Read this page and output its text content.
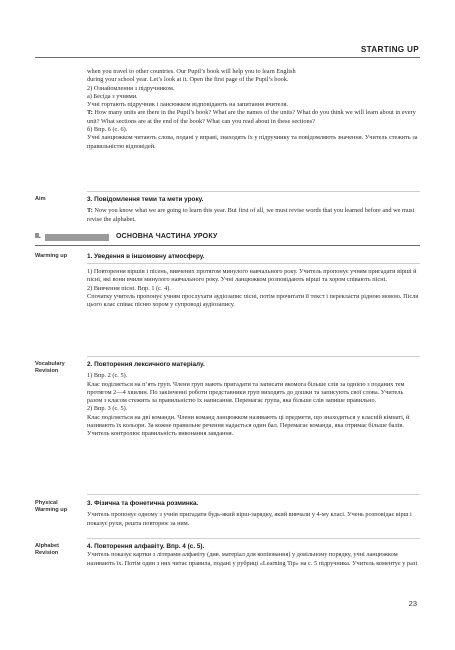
STARTING UP
when you travel to other countries. Our Pupil’s book will help you to learn English
during your school year. Let’s look at it. Open the first page of the Pupil’s book.
2) Ознайомлення з підручником.
а) Бесіда з учнями.
Учні гортають підручник і лансюжком відповідають на запитання вчителя.
T: How many units are there in the Pupil’s book? What are the names of the units? What do you think we will learn about in every unit? What sections are at the end of the book? What can you read about in these sections?
б) Впр. 6 (с. 6).
Учні ланцюжком читають слова, подані у вправі, знаходять їх у підручнику та повідомляють значення. Учитель стежить за правильністю відповідей.
Aim	3. Повідомлення теми та мети уроку.
T: Now you know what we are going to learn this year. But first of all, we must revise words that you learned before and we must revise the alphabet.
II.	ОСНОВНА ЧАСТИНА УРОКУ
Warming up	1. Уведення в іншомовну атмосферу.
1) Повторення віршів і пісень, вивчених протягом минулого навчального року. Учитель пропонує учням пригадати вірші й пісні, які вони вчили минулого навчального року. Учні ланцюжком розповідають вірші та хором співають пісні.
2) Вивчення пісні. Впр. 1 (с. 4).
Спочатку учитель пропонує учням прослухати аудіозапис пісні, потім прочитати її текст і перекласти рідною мовою. Після цього клас співає пісню хором у супроводі аудіозапису.
Vocabulary Revision
2. Повторення лексичного матеріалу.
1) Впр. 2 (с. 5).
Клас поділяється на п’ять груп. Члени груп мають пригадати та записати якомога більше слів за однією з поданих тем протягом 2—4 хвилин. По закінченні роботи представники груп виходять до дошки та записують свої слова. Учитель разом з класом стежить за правильністю їх написання. Перемагає група, яка більше слів запише правильно.
2) Впр. 3 (с. 5).
Клас поділяється на дві команди. Члени команд ланцюжком називають ці предмети, що знаходяться у класній кімнаті, й називають їх кольори. За кожне правильне речення надається один бал. Перемагає команда, яка отримає більше балів. Учитель контролює правильність виконання завдання.
Physical Warming up
3. Фізична та фонетична розминка.
Учитель пропонує одному з учнів пригадати будь-який вірш-зарядку, який вивчали у 4-му класі. Учень розповідає вірш і показує рухи, решта повторює за ним.
Alphabet Revision
4. Повторення алфавіту. Впр. 4 (с. 5).
Учитель показує картки з літерами алфавіту (див. матеріал для копіювання) у довільному порядку, учні ланцюжком називають їх. Потім один з них читає правила, подані у рубриці «Learning Tip» на с. 5 підручника. Учитель коментує у разі
23
